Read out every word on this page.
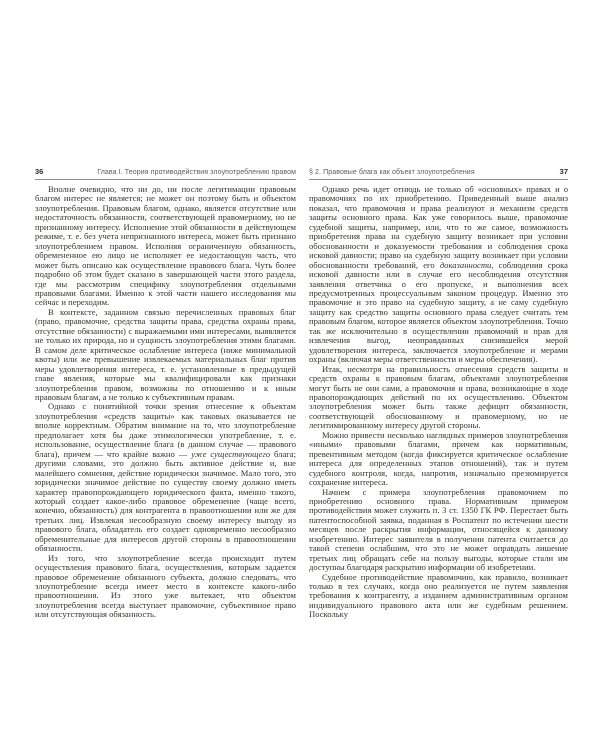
36	Глава I. Теория противодействия злоупотреблению правом

Вполне очевидно, что ни до, ни после легитимации правовым благом интерес не является; не может он поэтому быть и объектом злоупотребления. Правовым благом, однако, является отсутствие или недостаточность обязанности, соответствующей правомерному, но не признанному интересу. Исполнение этой обязанности в действующем режиме, т. е. без учета непризнанного интереса, может быть признано злоупотреблением правом. Исполняя ограниченную обязанность, обремененное ею лицо не исполняет ее недостающую часть, что может быть описано как осуществление правового блага. Чуть более подробно об этом будет сказано в завершающей части этого раздела, где мы рассмотрим специфику злоупотребления отдельными правовыми благами. Именно к этой части нашего исследования мы сейчас и переходим.

В контексте, заданном связью перечисленных правовых благ (право, правомочие, средства защиты права, средства охраны права, отсутствие обязанности) с выражаемыми ими интересами, выявляется не только их природа, но и сущность злоупотребления этими благами. В самом деле критическое ослабление интереса (ниже минимальной квоты) или же превышение извлекаемых материальных благ против меры удовлетворения интереса, т. е. установленные в предыдущей главе явления, которые мы квалифицировали как признаки злоупотребления правом, возможны по отношению и к иным правовым благам, а не только к субъективным правам.

Однако с понятийной точки зрения отнесение к объектам злоупотребления «средств защиты» как таковых оказывается не вполне корректным. Обратим внимание на то, что злоупотребление предполагает хотя бы даже этимологически употребление, т. е. использование, осуществление блага (в данном случае — правового блага), причем — что крайне важно — уже существующего блага; другими словами, это должно быть активное действие и, вне малейшего сомнения, действие юридически значимое. Мало того, это юридически значимое действие по существу своему должно иметь характер правопорождающего юридического факта, именно такого, который создает какое-либо правовое обременение (чаще всего, конечно, обязанность) для контрагента в правоотношении или же для третьих лиц. Извлекая несообразную своему интересу выгоду из правового блага, обладатель его создает одновременно несообразно обременительные для интересов другой стороны в правоотношении обязанности.

Из того, что злоупотребление всегда происходит путем осуществления правового блага, осуществления, которым задается правовое обременение обязанного субъекта, должно следовать, что злоупотребление всегда имеет место в контексте какого-либо правоотношения. Из этого уже вытекает, что объектом злоупотребления всегда выступает правомочие, субъективное право или отсутствующая обязанность.

§ 2. Правовые блага как объект злоупотребления	37

Однако речь идет отнюдь не только об «основных» правах и о правомочиях по их приобретению. Приведенный выше анализ показал, что правомочия и права реализуют и механизм средств защиты основного права. Как уже говорилось выше, правомочие судебной защиты, например, или, что то же самое, возможность приобретения права на судебную защиту возникает при условии обоснованности и доказуемости требования и соблюдения срока исковой давности; право на судебную защиту возникает при условии обоснованности требований, его доказанности, соблюдения срока исковой давности или в случае его несоблюдения отсутствия заявления ответчика о его пропуске, и выполнения всех предусмотренных процессуальным законом процедур. Именно это правомочие и это право на судебную защиту, а не саму судебную защиту как средство защиты основного права следует считать тем правовым благом, которое является объектом злоупотребления. Точно так же исключительно в осуществлении правомочий и прав для извлечения выгод, неоправданных снизившейся мерой удовлетворения интереса, заключается злоупотребление и мерами охраны (включая меры ответственности и меры обеспечения).

Итак, несмотря на правильность отнесения средств защиты и средств охраны к правовым благам, объектами злоупотребления могут быть не они сами, а правомочия и права, возникающие в ходе правопорождающих действий по их осуществлению. Объектом злоупотребления может быть также дефицит обязанности, соответствующей обоснованному и правомерному, но не легитимированному интересу другой стороны.

Можно привести несколько наглядных примеров злоупотребления «иными» правовыми благами, причем как нормативным, превентивным методом (когда фиксируется критическое ослабление интереса для определенных этапов отношений), так и путем судебного контроля, когда, напротив, изначально презюмируется сохранение интереса.

Начнем с примера злоупотребления правомочием по приобретению основного права. Нормативным примером противодействия может служить п. 3 ст. 1350 ГК РФ. Перестает быть патентоспособной заявка, поданная в Роспатент по истечении шести месяцев после раскрытия информации, относящейся к данному изобретению. Интерес заявителя в получении патента считается до такой степени ослабшим, что это не может оправдать лишение третьих лиц обращать себе на пользу выгоды, которые стали им доступны благодаря раскрытию информации об изобретении.

Судебное противодействие правомочию, как правило, возникает только в тех случаях, когда оно реализуется не путем заявления требования к контрагенту, а изданием административным органом индивидуального правового акта или же судебным решением. Поскольку
